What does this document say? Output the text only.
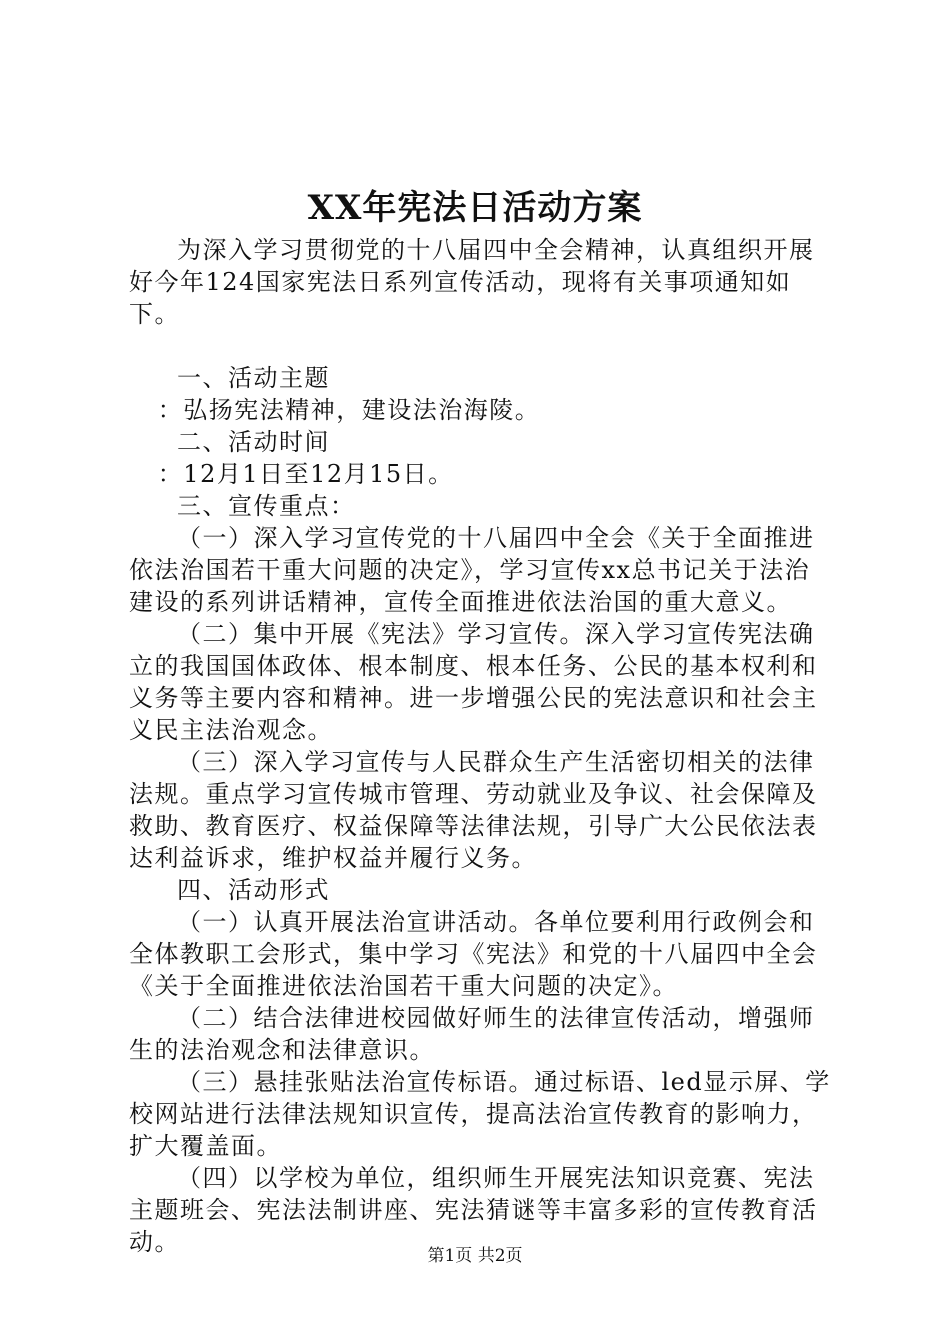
XX年宪法日活动方案

为深入学习贯彻党的十八届四中全会精神，认真组织开展好今年124国家宪法日系列宣传活动，现将有关事项通知如下。

一、活动主题

：弘扬宪法精神，建设法治海陵。

二、活动时间

：12月1日至12月15日。

三、宣传重点：

（一）深入学习宣传党的十八届四中全会《关于全面推进依法治国若干重大问题的决定》，学习宣传xx总书记关于法治建设的系列讲话精神，宣传全面推进依法治国的重大意义。

（二）集中开展《宪法》学习宣传。深入学习宣传宪法确立的我国国体政体、根本制度、根本任务、公民的基本权利和义务等主要内容和精神。进一步增强公民的宪法意识和社会主义民主法治观念。

（三）深入学习宣传与人民群众生产生活密切相关的法律法规。重点学习宣传城市管理、劳动就业及争议、社会保障及救助、教育医疗、权益保障等法律法规，引导广大公民依法表达利益诉求，维护权益并履行义务。

四、活动形式

（一）认真开展法治宣讲活动。各单位要利用行政例会和全体教职工会形式，集中学习《宪法》和党的十八届四中全会《关于全面推进依法治国若干重大问题的决定》。

（二）结合法律进校园做好师生的法律宣传活动，增强师生的法治观念和法律意识。

（三）悬挂张贴法治宣传标语。通过标语、led显示屏、学校网站进行法律法规知识宣传，提高法治宣传教育的影响力，扩大覆盖面。

（四）以学校为单位，组织师生开展宪法知识竞赛、宪法主题班会、宪法法制讲座、宪法猜谜等丰富多彩的宣传教育活动。	第1页 共2页
